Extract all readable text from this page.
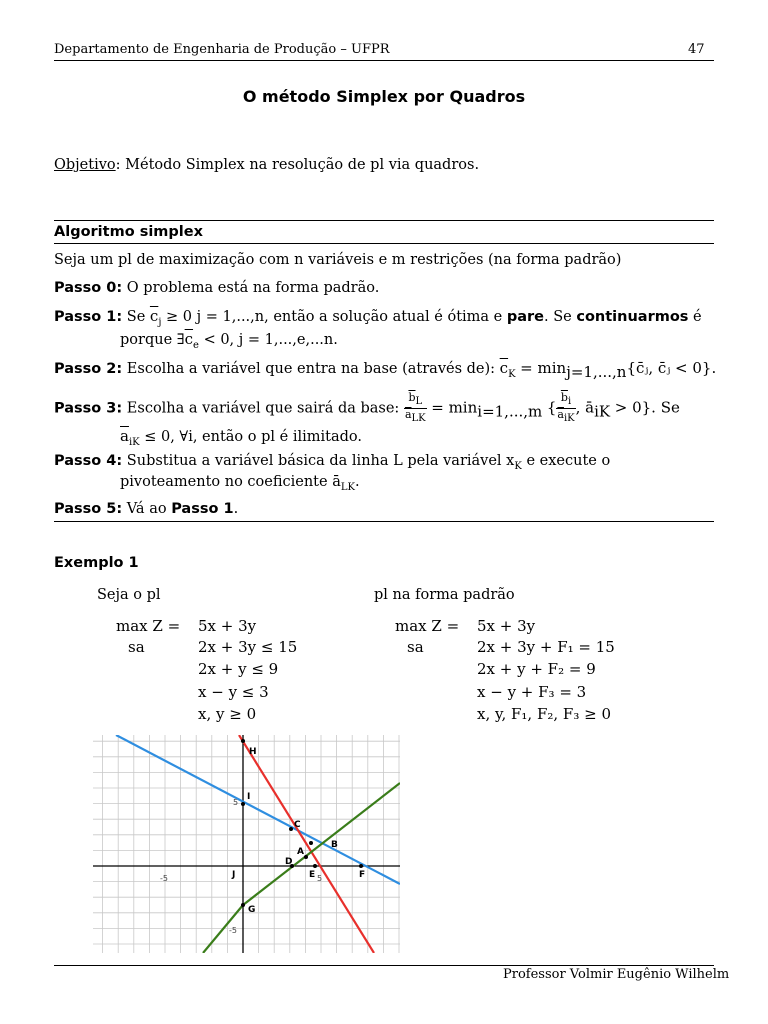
Departamento de Engenharia de Produção – UFPR	47
O método Simplex por Quadros
Objetivo: Método Simplex na resolução de pl via quadros.
Algoritmo simplex
Seja um pl de maximização com n variáveis e m restrições (na forma padrão)
Passo 0: O problema está na forma padrão.
Passo 1: Se $\overline{c}_j \ge 0$ j = 1,...,n, então a solução atual é ótima e pare. Se continuarmos é
porque $\exists\overline{c}_e < 0$, j = 1,...,e,...n.
Passo 2: Escolha a variável que entra na base (através de): $\overline{c}_K$ = $\min_{j=1,...,n}\{c̄ⱼ$, c̄ⱼ < 0}.
Passo 3: Escolha a variável que sairá da base: $\frac{\overline{b}_L}{\overline{a}_{LK}} = \min_{i=1,...,m}$ { $\frac{\overline{b}_i}{\overline{a}_{iK}}$ , $ā_{iK} > 0$}. Se
$\overline{a}_{iK} \le 0$, ∀i, então o pl é ilimitado.
Passo 4: Substitua a variável básica da linha L pela variável $x_K$ e execute o
pivoteamento no coeficiente $ā_{LK}$.
Passo 5: Vá ao Passo 1.
Exemplo 1
Seja o pl	pl na forma padrão
max Z = 5x + 3y
sa	2x + 3y ≤ 15
2x + y ≤ 9
x − y ≤ 3
x, y ≥ 0
max Z = 5x + 3y
sa	2x + 3y + F₁ = 15
2x + y + F₂ = 9
x − y + F₃ = 3
x, y, F₁, F₂, F₃ ≥ 0
-5	5
5
-5
H
I
C
B
A
D
J	E	F
G
Professor Volmir Eugênio Wilhelm
